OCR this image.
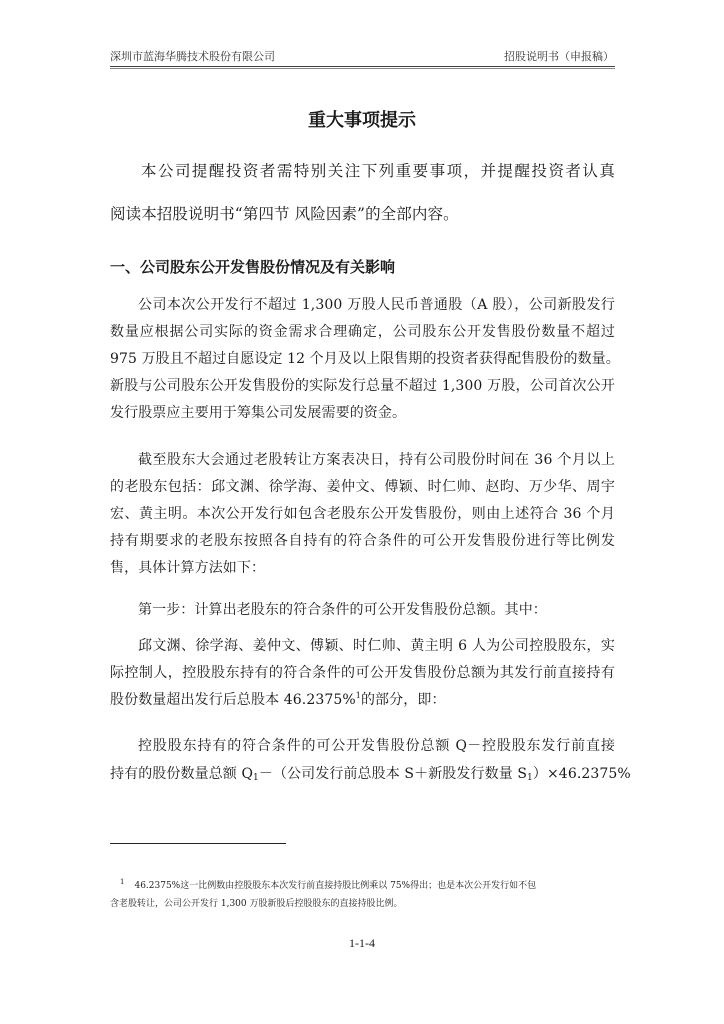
深圳市蓝海华腾技术股份有限公司	招股说明书（申报稿）
重大事项提示
本公司提醒投资者需特别关注下列重要事项，并提醒投资者认真
阅读本招股说明书“第四节 风险因素”的全部内容。
一、公司股东公开发售股份情况及有关影响
公司本次公开发行不超过 1,300 万股人民币普通股（A 股），公司新股发行
数量应根据公司实际的资金需求合理确定，公司股东公开发售股份数量不超过
975 万股且不超过自愿设定 12 个月及以上限售期的投资者获得配售股份的数量。
新股与公司股东公开发售股份的实际发行总量不超过 1,300 万股，公司首次公开
发行股票应主要用于筹集公司发展需要的资金。
截至股东大会通过老股转让方案表决日，持有公司股份时间在 36 个月以上
的老股东包括：邱文渊、徐学海、姜仲文、傅颖、时仁帅、赵昀、万少华、周宇
宏、黄主明。本次公开发行如包含老股东公开发售股份，则由上述符合 36 个月
持有期要求的老股东按照各自持有的符合条件的可公开发售股份进行等比例发
售，具体计算方法如下：
第一步：计算出老股东的符合条件的可公开发售股份总额。其中：
邱文渊、徐学海、姜仲文、傅颖、时仁帅、黄主明 6 人为公司控股股东，实
际控制人，控股股东持有的符合条件的可公开发售股份总额为其发行前直接持有
股份数量超出发行后总股本 46.2375%$^1$的部分，即：
控股股东持有的符合条件的可公开发售股份总额 Q－控股股东发行前直接
持有的股份数量总额 $Q_1-$（公司发行前总股本 S＋新股发行数量 $S_1)\times 46.2375\%$
$^1$ 46.2375%这一比例数由控股股东本次发行前直接持股比例乘以 75%得出；也是本次公开发行如不包
含老股转让，公司公开发行 1,300 万股新股后控股股东的直接持股比例。
1-1-4
